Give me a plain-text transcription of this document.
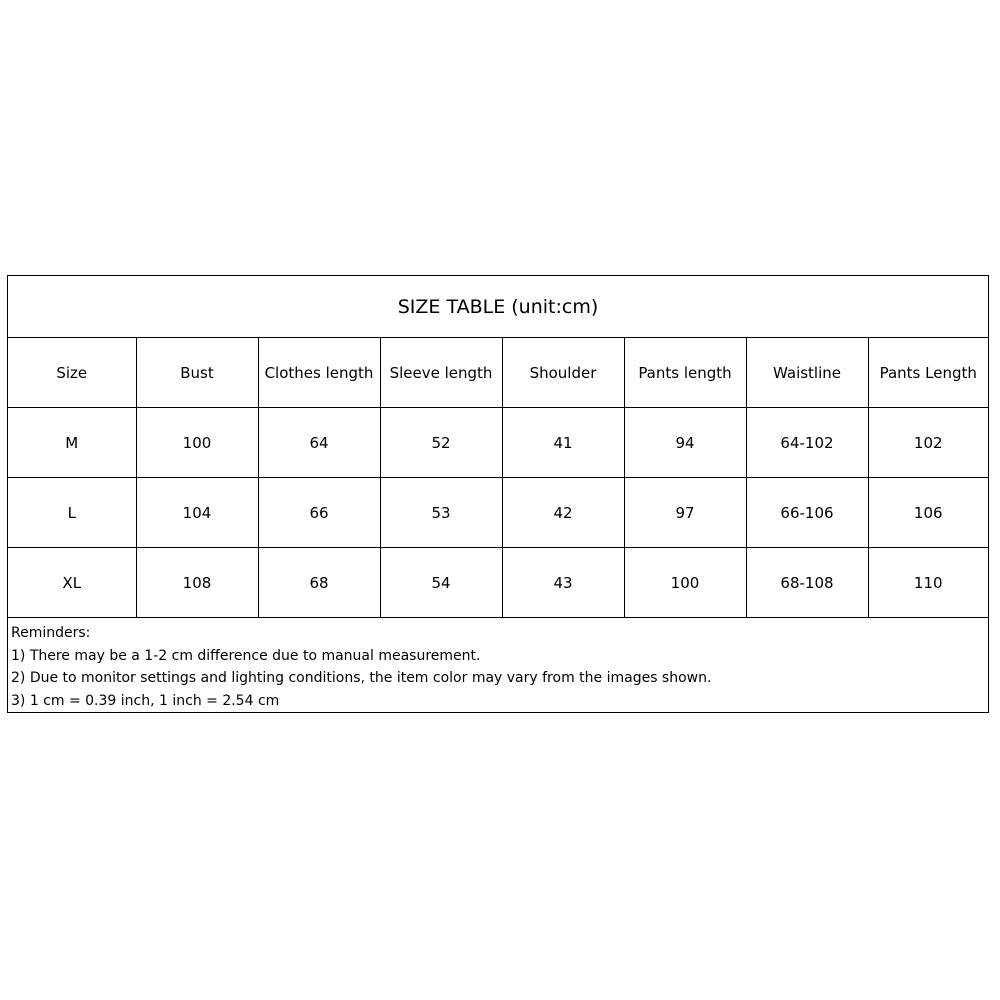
SIZE TABLE (unit:cm)
Size	Bust	Clothes length	Sleeve length	Shoulder	Pants length	Waistline	Pants Length
M	100	64	52	41	94	64-102	102
L	104	66	53	42	97	66-106	106
XL	108	68	54	43	100	68-108	110
Reminders:
1) There may be a 1-2 cm difference due to manual measurement.
2) Due to monitor settings and lighting conditions, the item color may vary from the images shown.
3) 1 cm = 0.39 inch, 1 inch = 2.54 cm
